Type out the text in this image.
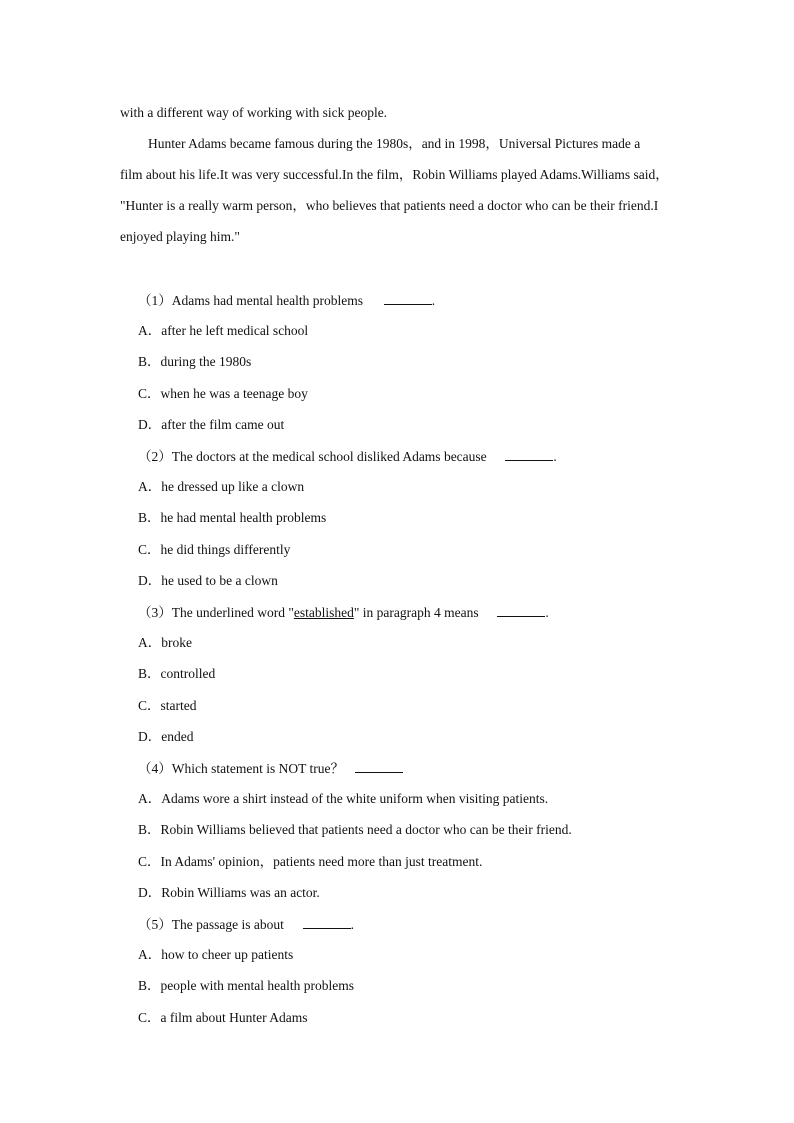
with a different way of working with sick people.
Hunter Adams became famous during the 1980s，and in 1998，Universal Pictures made a
film about his life.It was very successful.In the film，Robin Williams played Adams.Williams said，
"Hunter is a really warm person，who believes that patients need a doctor who can be their friend.I
enjoyed playing him."
（1）Adams had mental health problems	.
A．after he left medical school
B．during the 1980s
C．when he was a teenage boy
D．after the film came out
（2）The doctors at the medical school disliked Adams because	.
A．he dressed up like a clown
B．he had mental health problems
C．he did things differently
D．he used to be a clown
（3）The underlined word "established" in paragraph 4 means	.
A．broke
B．controlled
C．started
D．ended
（4）Which statement is NOT true？
A．Adams wore a shirt instead of the white uniform when visiting patients.
B．Robin Williams believed that patients need a doctor who can be their friend.
C．In Adams' opinion，patients need more than just treatment.
D．Robin Williams was an actor.
（5）The passage is about	.
A．how to cheer up patients
B．people with mental health problems
C．a film about Hunter Adams
